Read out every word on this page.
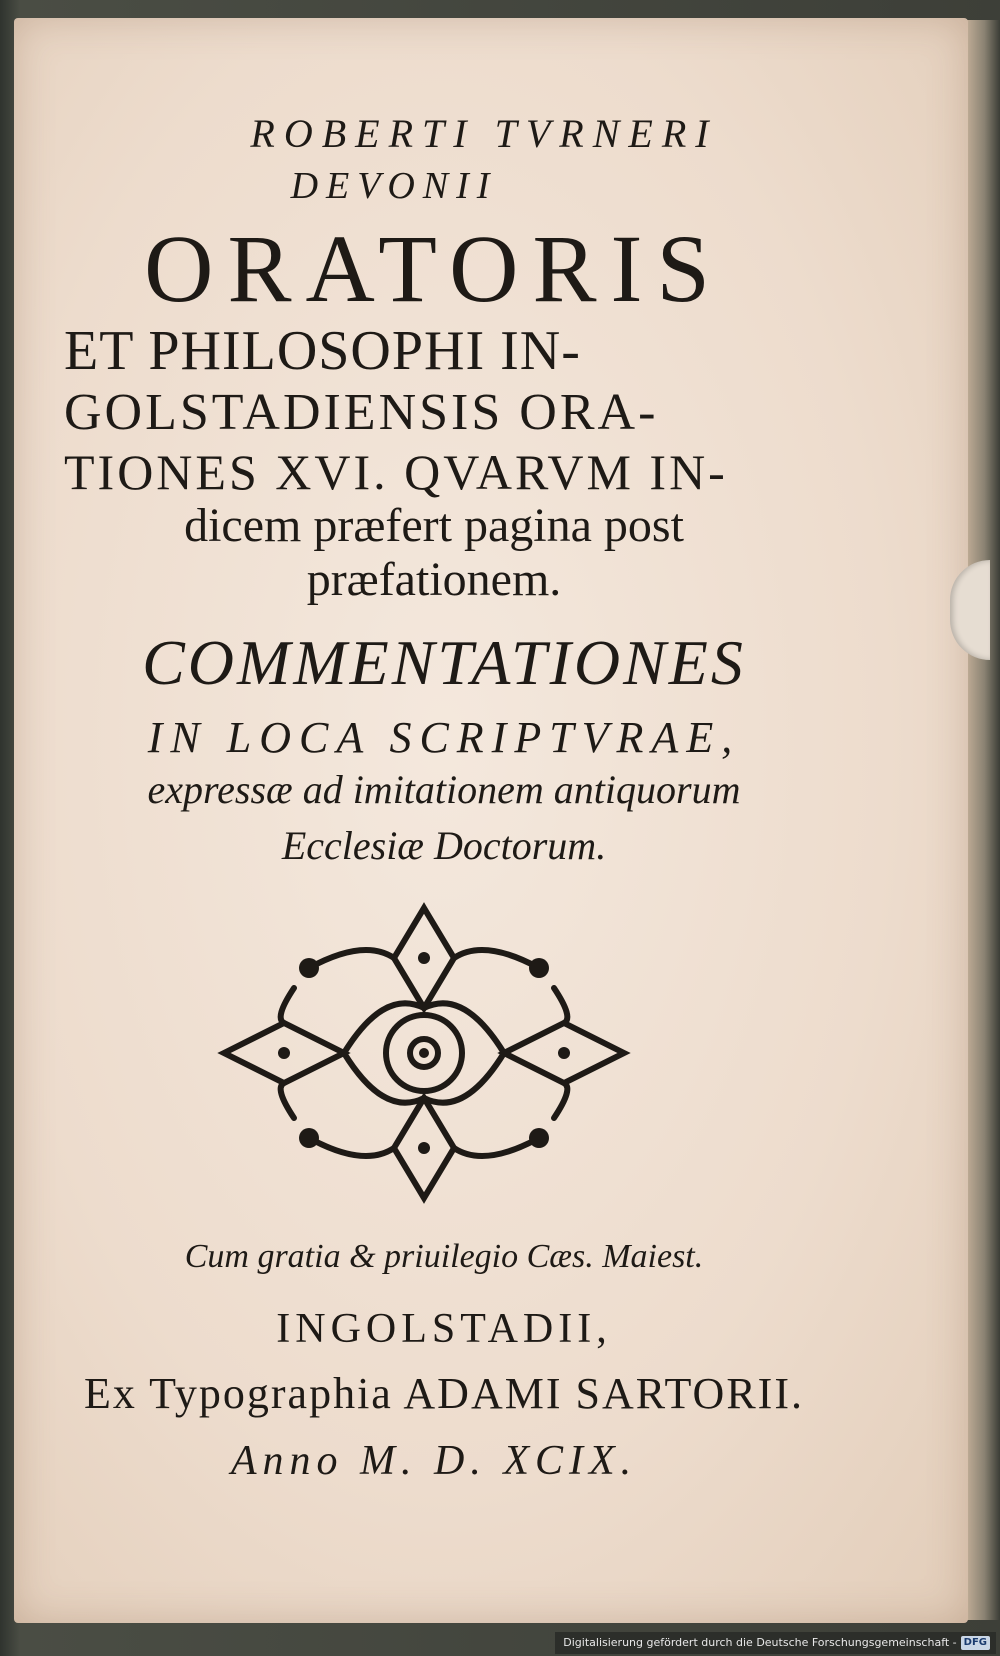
ROBERTI TVRNERI
DEVONII
ORATORIS
ET PHILOSOPHI IN-
GOLSTADIENSIS ORA-
TIONES XVI. QVARVM IN-
dicem præfert pagina post
præfationem.
COMMENTATIONES
IN LOCA SCRIPTVRAE,
expressæ ad imitationem antiquorum
Ecclesiæ Doctorum.
Cum gratia & priuilegio Cæs. Maiest.
INGOLSTADII,
Ex Typographia ADAMI SARTORII.
Anno M. D. XCIX.
Digitalisierung gefördert durch die Deutsche Forschungsgemeinschaft - DFG
